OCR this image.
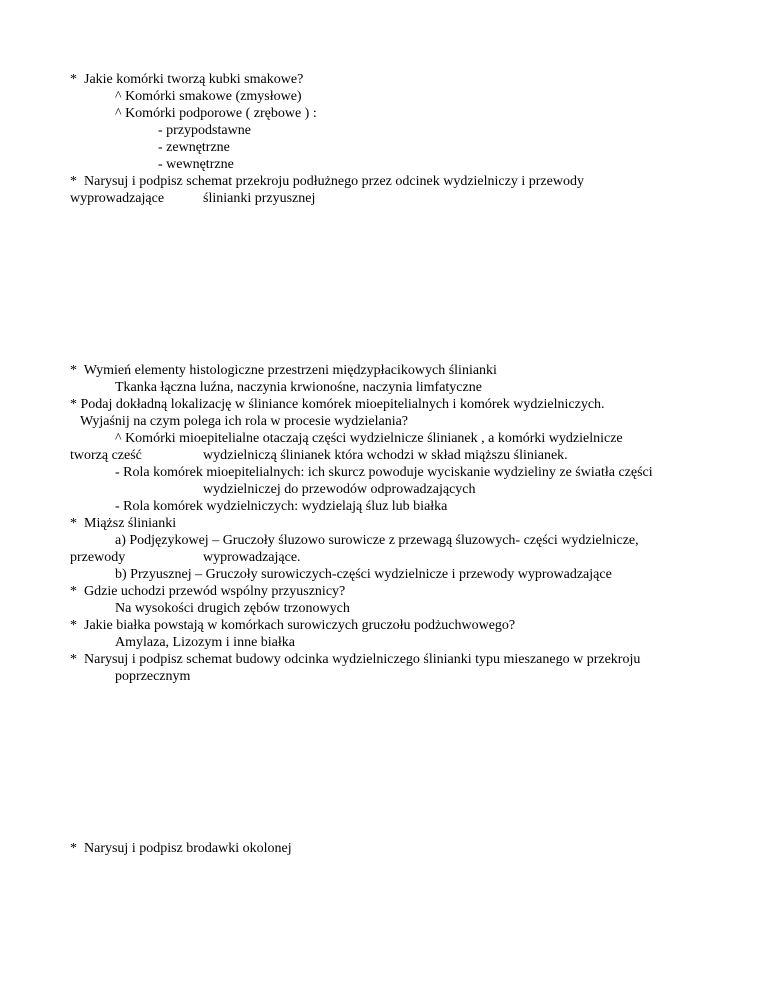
*  Jakie komórki tworzą kubki smakowe?
^ Komórki smakowe (zmysłowe)
^ Komórki podporowe ( zrębowe ) :
- przypodstawne
- zewnętrzne
- wewnętrzne
*  Narysuj i podpisz schemat przekroju podłużnego przez odcinek wydzielniczy i przewody
wyprowadzające	ślinianki przyusznej
*  Wymień elementy histologiczne przestrzeni międzypłacikowych ślinianki
Tkanka łączna luźna, naczynia krwionośne, naczynia limfatyczne
* Podaj dokładną lokalizację w śliniance komórek mioepitelialnych i komórek wydzielniczych.
Wyjaśnij na czym polega ich rola w procesie wydzielania?
^ Komórki mioepitelialne otaczają części wydzielnicze ślinianek , a komórki wydzielnicze
tworzą cześć	wydzielniczą ślinianek która wchodzi w skład miąższu ślinianek.
- Rola komórek mioepitelialnych: ich skurcz powoduje wyciskanie wydzieliny ze światła części
wydzielniczej do przewodów odprowadzających
- Rola komórek wydzielniczych: wydzielają śluz lub białka
*  Miąższ ślinianki
a) Podjęzykowej – Gruczoły śluzowo surowicze z przewagą śluzowych- części wydzielnicze,
przewody	wyprowadzające.
b) Przyusznej – Gruczoły surowiczych-części wydzielnicze i przewody wyprowadzające
*  Gdzie uchodzi przewód wspólny przyusznicy?
Na wysokości drugich zębów trzonowych
*  Jakie białka powstają w komórkach surowiczych gruczołu podżuchwowego?
Amylaza, Lizozym i inne białka
*  Narysuj i podpisz schemat budowy odcinka wydzielniczego ślinianki typu mieszanego w przekroju
poprzecznym
*  Narysuj i podpisz brodawki okolonej
